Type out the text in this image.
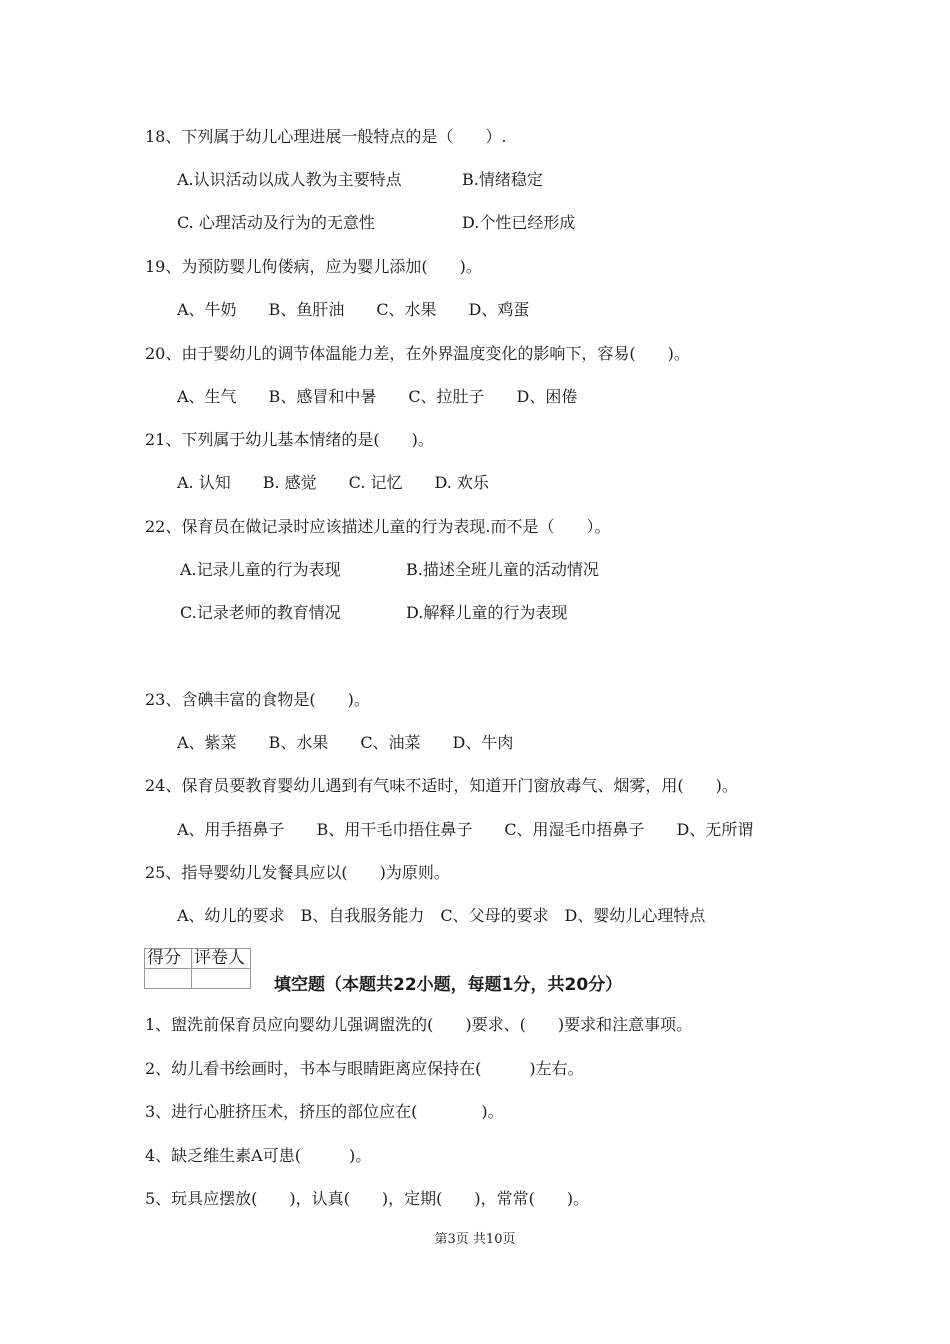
18、下列属于幼儿心理进展一般特点的是（　　）.
A.认识活动以成人教为主要特点	B.情绪稳定
C. 心理活动及行为的无意性	D.个性已经形成
19、为预防婴儿佝偻病，应为婴儿添加(　　)。
A、牛奶　　B、鱼肝油　　C、水果　　D、鸡蛋
20、由于婴幼儿的调节体温能力差，在外界温度变化的影响下，容易(　　)。
A、生气　　B、感冒和中暑　　C、拉肚子　　D、困倦
21、下列属于幼儿基本情绪的是(　　)。
A. 认知　　B. 感觉　　C. 记忆　　D. 欢乐
22、保育员在做记录时应该描述儿童的行为表现.而不是（　　）。
A.记录儿童的行为表现	B.描述全班儿童的活动情况
C.记录老师的教育情况	D.解释儿童的行为表现
23、含碘丰富的食物是(　　)。
A、紫菜　　B、水果　　C、油菜　　D、牛肉
24、保育员要教育婴幼儿遇到有气味不适时，知道开门窗放毒气、烟雾，用(　　)。
A、用手捂鼻子　　B、用干毛巾捂住鼻子　　C、用湿毛巾捂鼻子　　D、无所谓
25、指导婴幼儿发餐具应以(　　)为原则。
A、幼儿的要求　B、自我服务能力　C、父母的要求　D、婴幼儿心理特点
得分	评卷人

填空题（本题共22小题，每题1分，共20分）
1、盥洗前保育员应向婴幼儿强调盥洗的(　　)要求、(　　)要求和注意事项。
2、幼儿看书绘画时，书本与眼睛距离应保持在(　　　)左右。
3、进行心脏挤压术，挤压的部位应在(　　　　)。
4、缺乏维生素A可患(　　　)。
5、玩具应摆放(　　)，认真(　　)，定期(　　)，常常(　　)。
第3页 共10页
